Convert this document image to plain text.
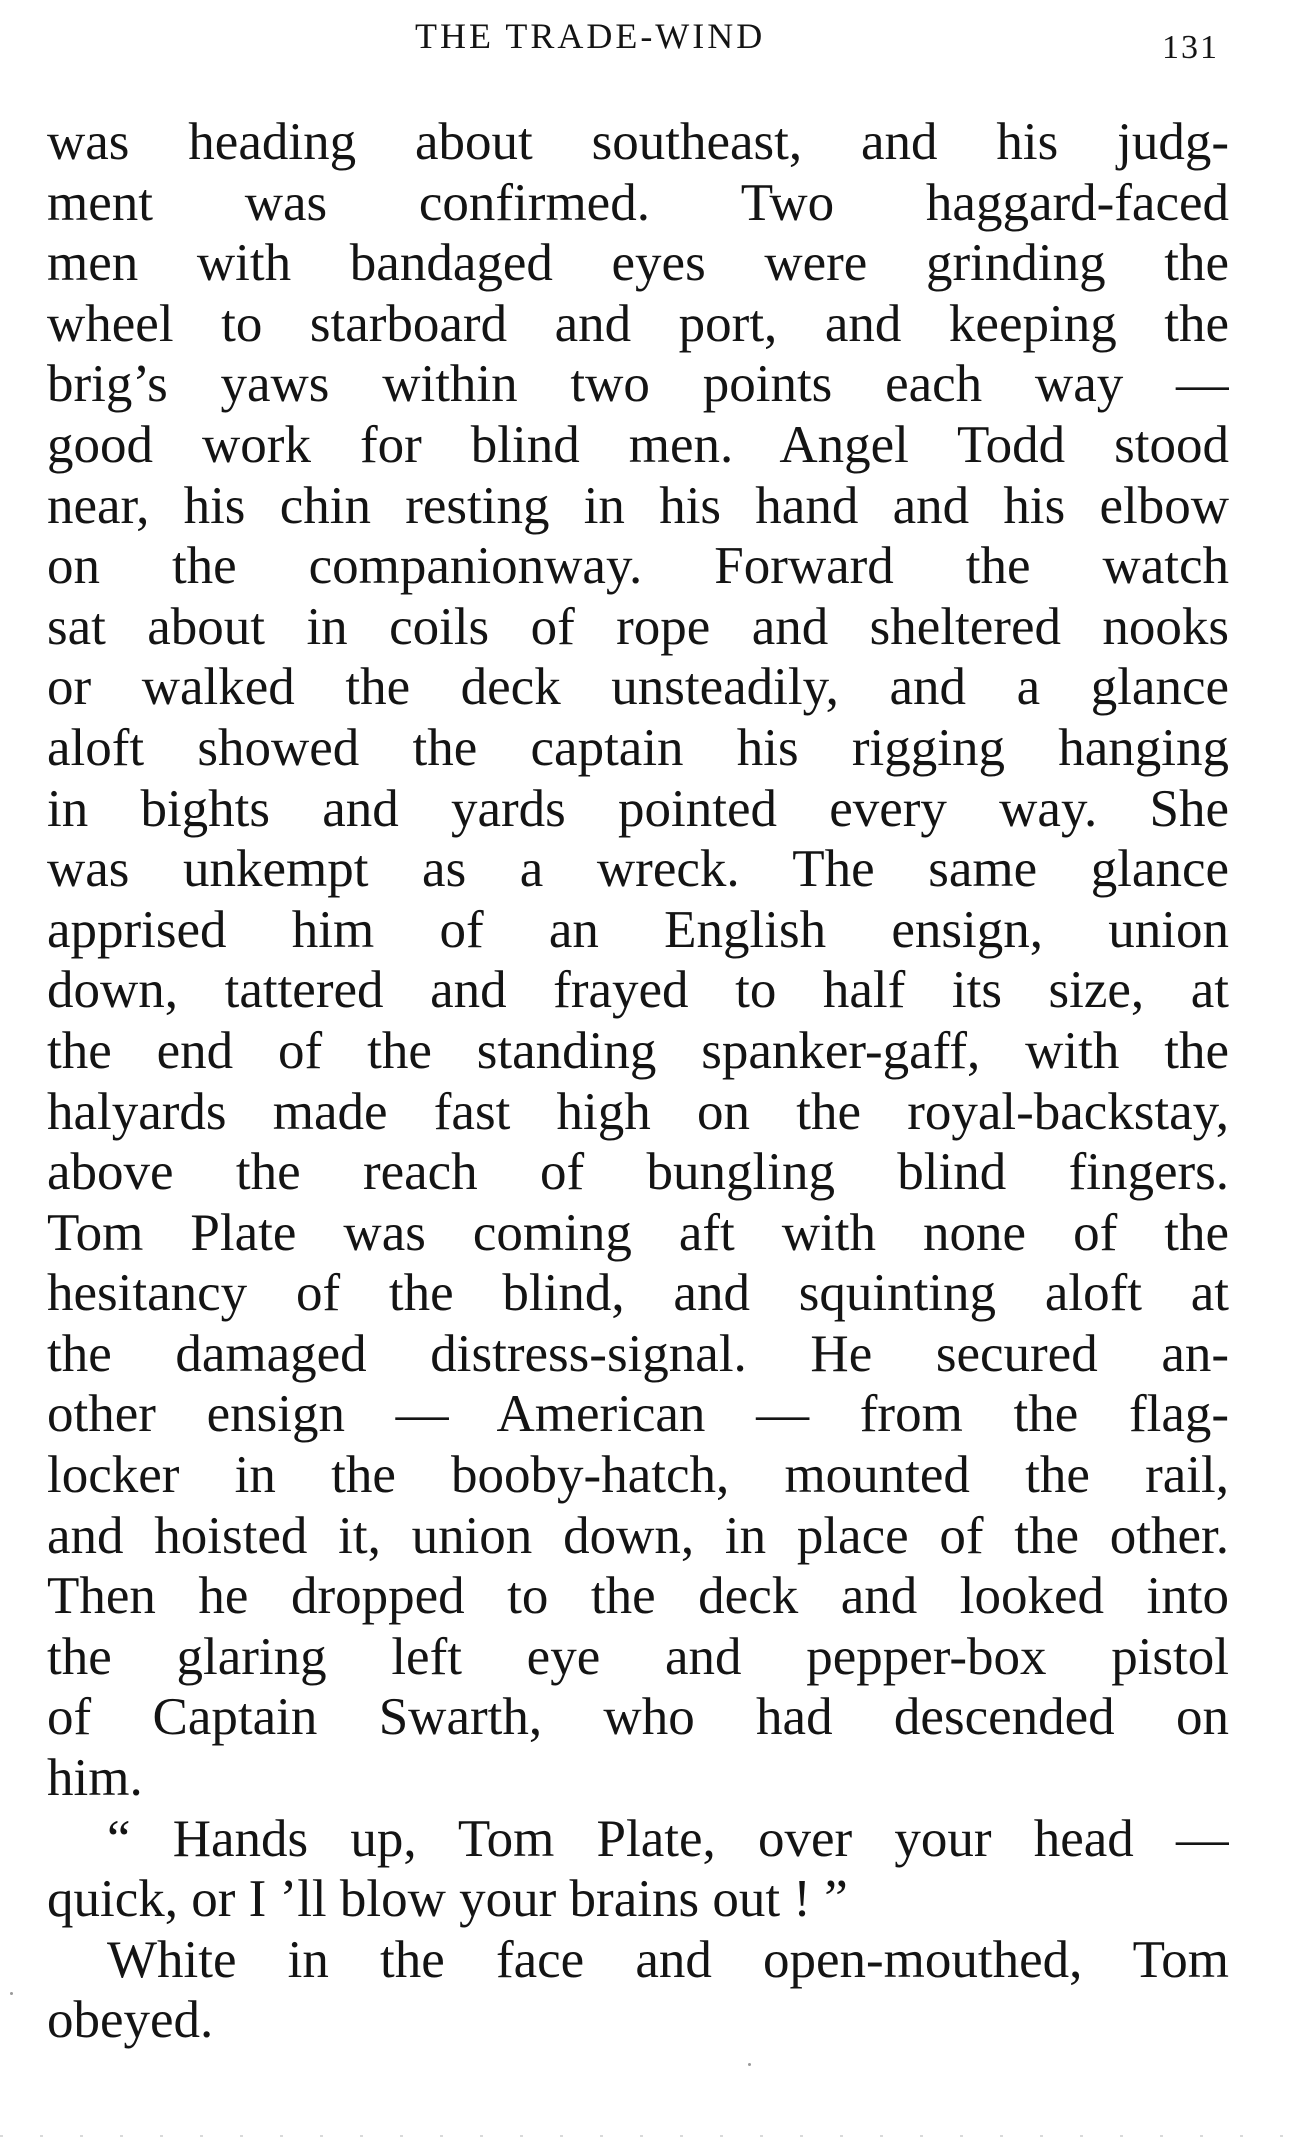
THE TRADE-WIND	131
was heading about southeast, and his judg-
ment was confirmed. Two haggard-faced
men with bandaged eyes were grinding the
wheel to starboard and port, and keeping the
brig’s yaws within two points each way —
good work for blind men. Angel Todd stood
near, his chin resting in his hand and his elbow
on the companionway. Forward the watch
sat about in coils of rope and sheltered nooks
or walked the deck unsteadily, and a glance
aloft showed the captain his rigging hanging
in bights and yards pointed every way. She
was unkempt as a wreck. The same glance
apprised him of an English ensign, union
down, tattered and frayed to half its size, at
the end of the standing spanker-gaff, with the
halyards made fast high on the royal-backstay,
above the reach of bungling blind fingers.
Tom Plate was coming aft with none of the
hesitancy of the blind, and squinting aloft at
the damaged distress-signal. He secured an-
other ensign — American — from the flag-
locker in the booby-hatch, mounted the rail,
and hoisted it, union down, in place of the other.
Then he dropped to the deck and looked into
the glaring left eye and pepper-box pistol
of Captain Swarth, who had descended on
him.
“ Hands up, Tom Plate, over your head —
quick, or I ’ll blow your brains out ! ”
White in the face and open-mouthed, Tom
obeyed.
